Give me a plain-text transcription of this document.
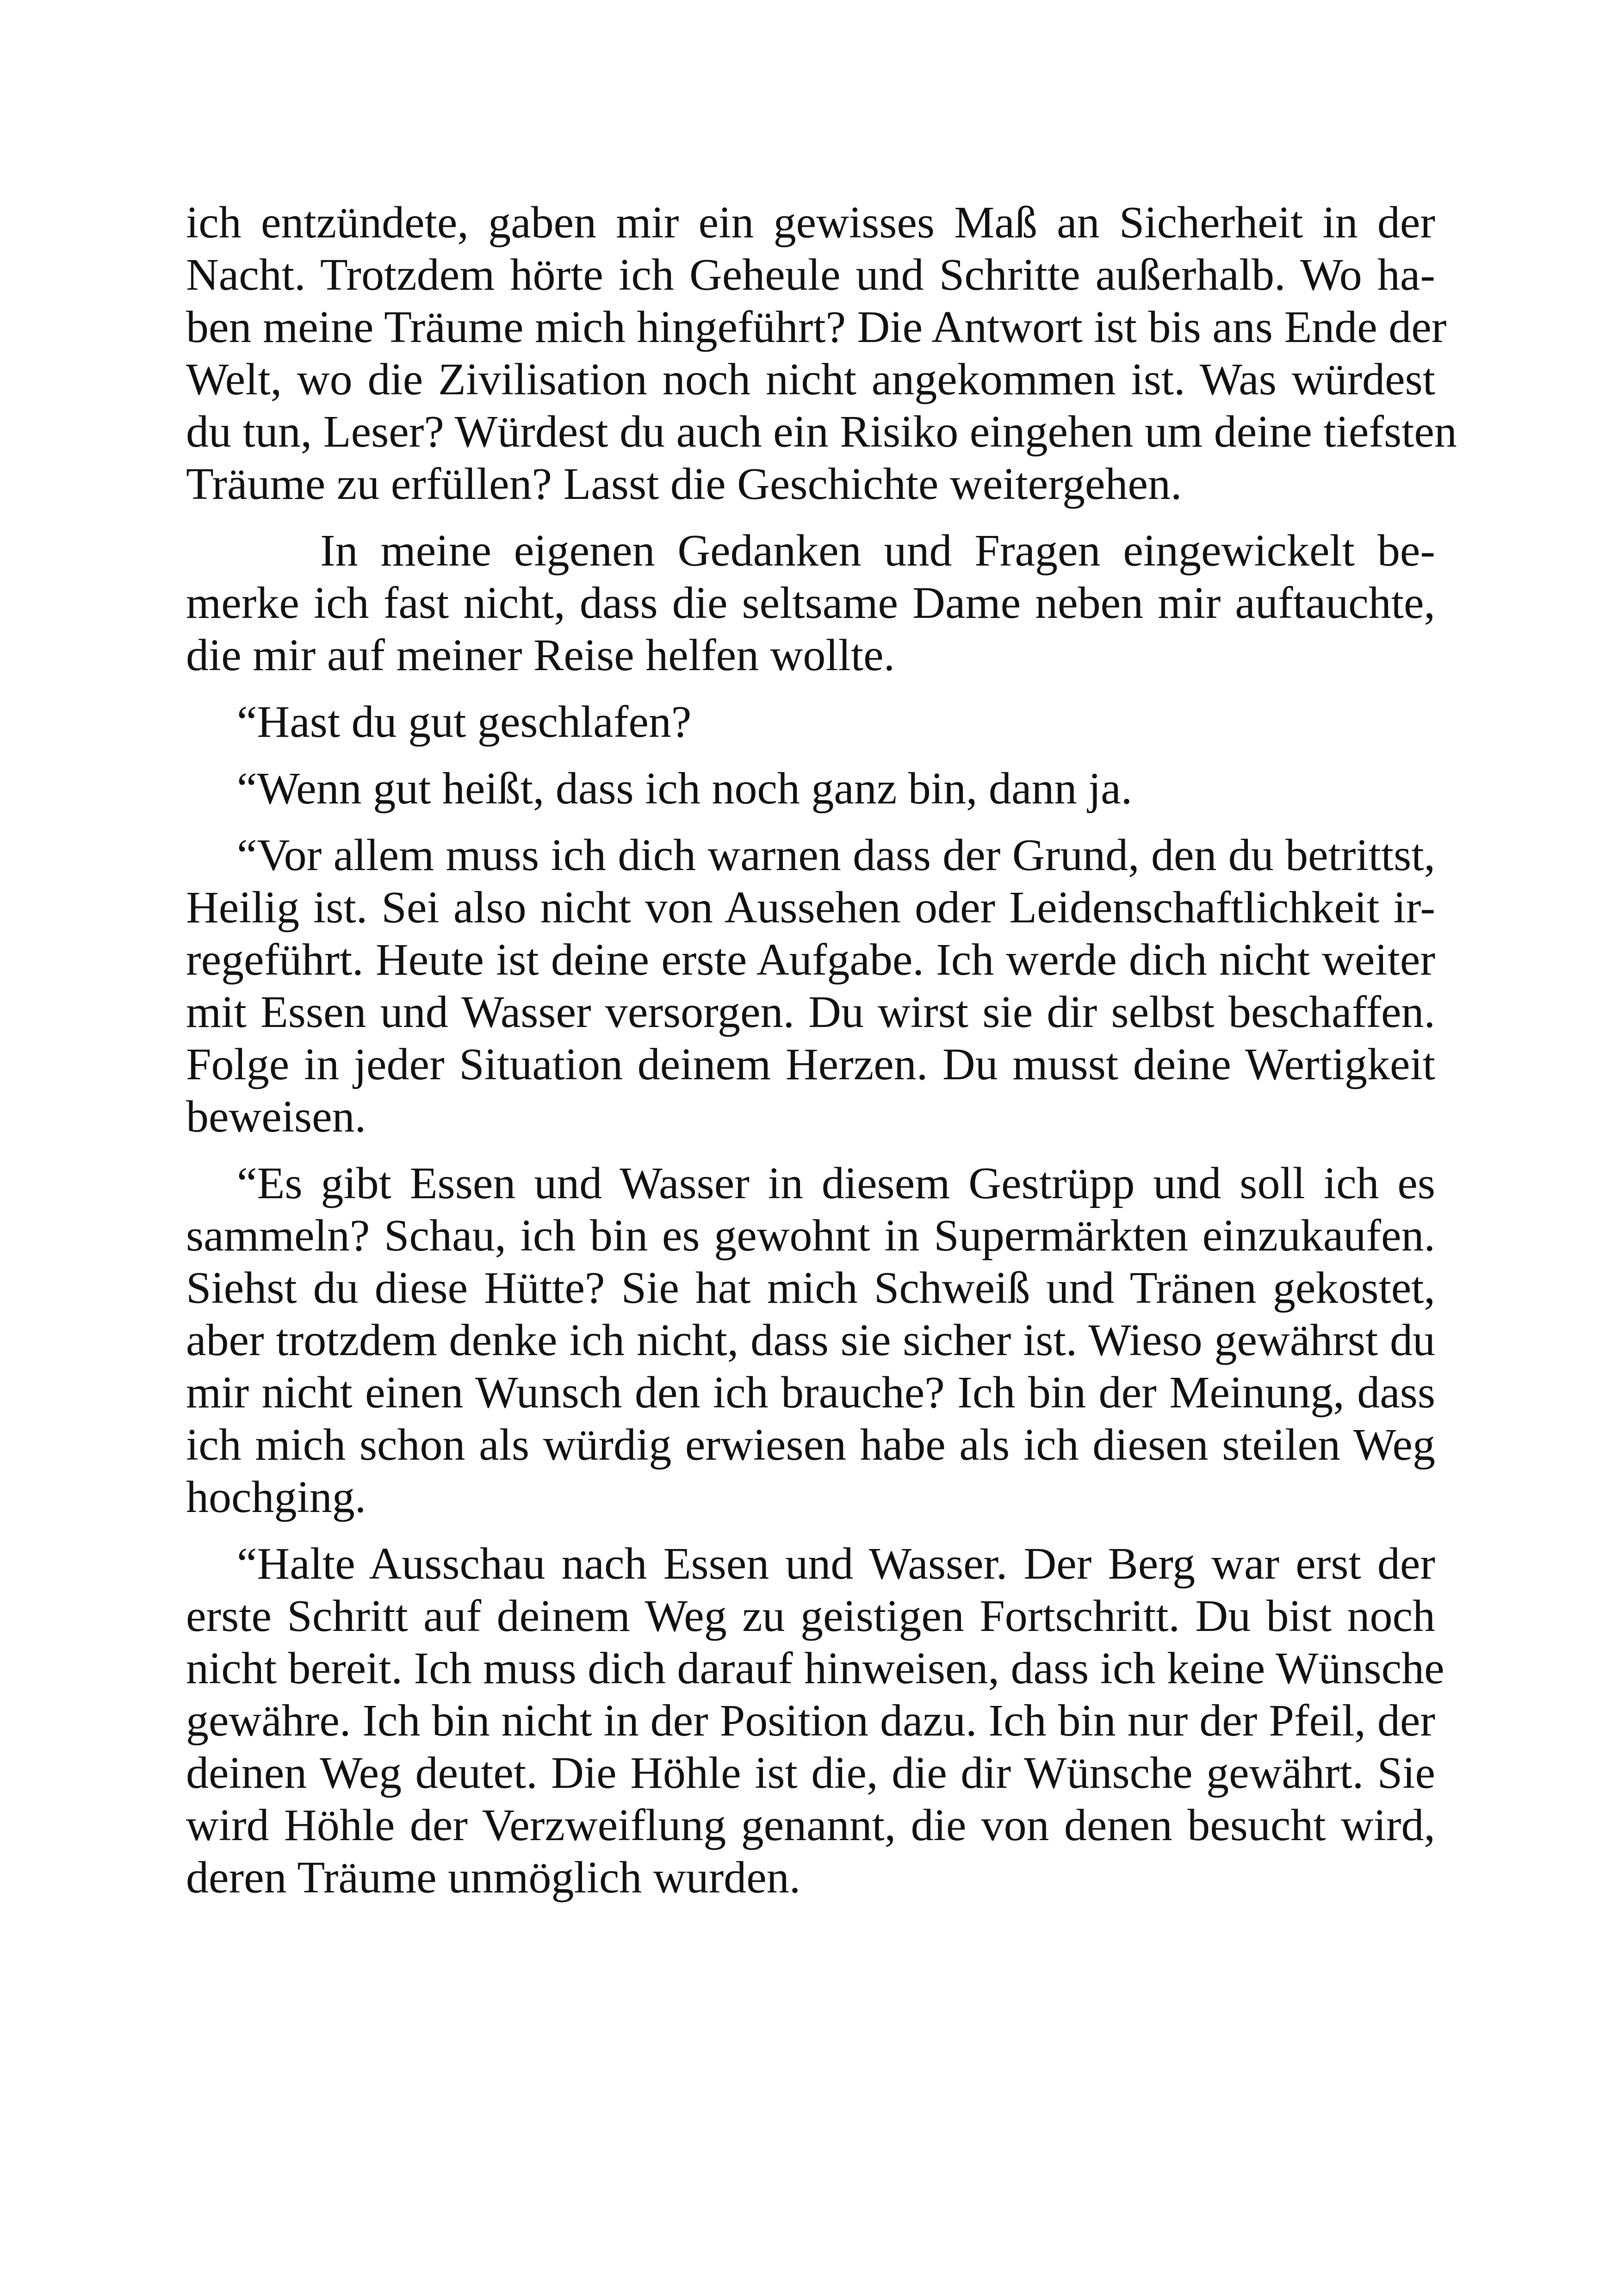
ich entzündete, gaben mir ein gewisses Maß an Sicherheit in der
Nacht. Trotzdem hörte ich Geheule und Schritte außerhalb. Wo ha-
ben meine Träume mich hingeführt? Die Antwort ist bis ans Ende der
Welt, wo die Zivilisation noch nicht angekommen ist. Was würdest
du tun, Leser? Würdest du auch ein Risiko eingehen um deine tiefsten
Träume zu erfüllen? Lasst die Geschichte weitergehen.
In meine eigenen Gedanken und Fragen eingewickelt be-
merke ich fast nicht, dass die seltsame Dame neben mir auftauchte,
die mir auf meiner Reise helfen wollte.
“Hast du gut geschlafen?
“Wenn gut heißt, dass ich noch ganz bin, dann ja.
“Vor allem muss ich dich warnen dass der Grund, den du betrittst,
Heilig ist. Sei also nicht von Aussehen oder Leidenschaftlichkeit ir-
regeführt. Heute ist deine erste Aufgabe. Ich werde dich nicht weiter
mit Essen und Wasser versorgen. Du wirst sie dir selbst beschaffen.
Folge in jeder Situation deinem Herzen. Du musst deine Wertigkeit
beweisen.
“Es gibt Essen und Wasser in diesem Gestrüpp und soll ich es
sammeln? Schau, ich bin es gewohnt in Supermärkten einzukaufen.
Siehst du diese Hütte? Sie hat mich Schweiß und Tränen gekostet,
aber trotzdem denke ich nicht, dass sie sicher ist. Wieso gewährst du
mir nicht einen Wunsch den ich brauche? Ich bin der Meinung, dass
ich mich schon als würdig erwiesen habe als ich diesen steilen Weg
hochging.
“Halte Ausschau nach Essen und Wasser. Der Berg war erst der
erste Schritt auf deinem Weg zu geistigen Fortschritt. Du bist noch
nicht bereit. Ich muss dich darauf hinweisen, dass ich keine Wünsche
gewähre. Ich bin nicht in der Position dazu. Ich bin nur der Pfeil, der
deinen Weg deutet. Die Höhle ist die, die dir Wünsche gewährt. Sie
wird Höhle der Verzweiflung genannt, die von denen besucht wird,
deren Träume unmöglich wurden.
